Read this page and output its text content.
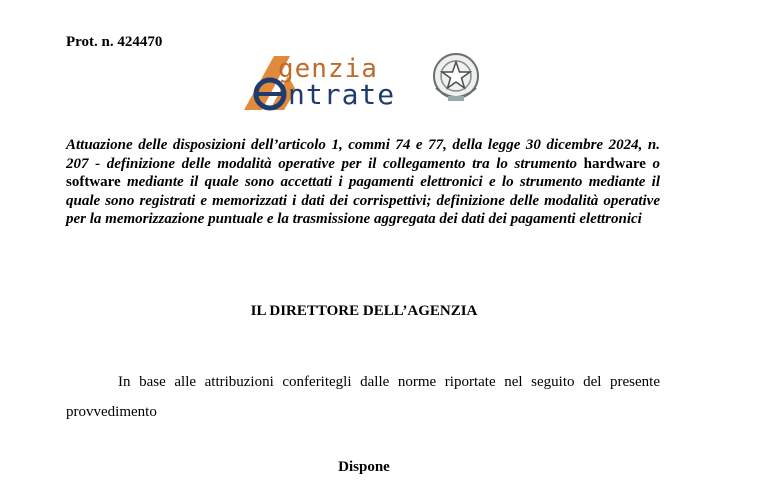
Prot. n. 424470
genzia
ntrate

Attuazione delle disposizioni dell’articolo 1, commi 74 e 77, della legge 30 dicembre 2024, n. 207 - definizione delle modalità operative per il collegamento tra lo strumento hardware o software mediante il quale sono accettati i pagamenti elettronici e lo strumento mediante il quale sono registrati e memorizzati i dati dei corrispettivi; definizione delle modalità operative per la memorizzazione puntuale e la trasmissione aggregata dei dati dei pagamenti elettronici

IL DIRETTORE DELL’AGENZIA

In base alle attribuzioni conferitegli dalle norme riportate nel seguito del presente provvedimento

Dispone
